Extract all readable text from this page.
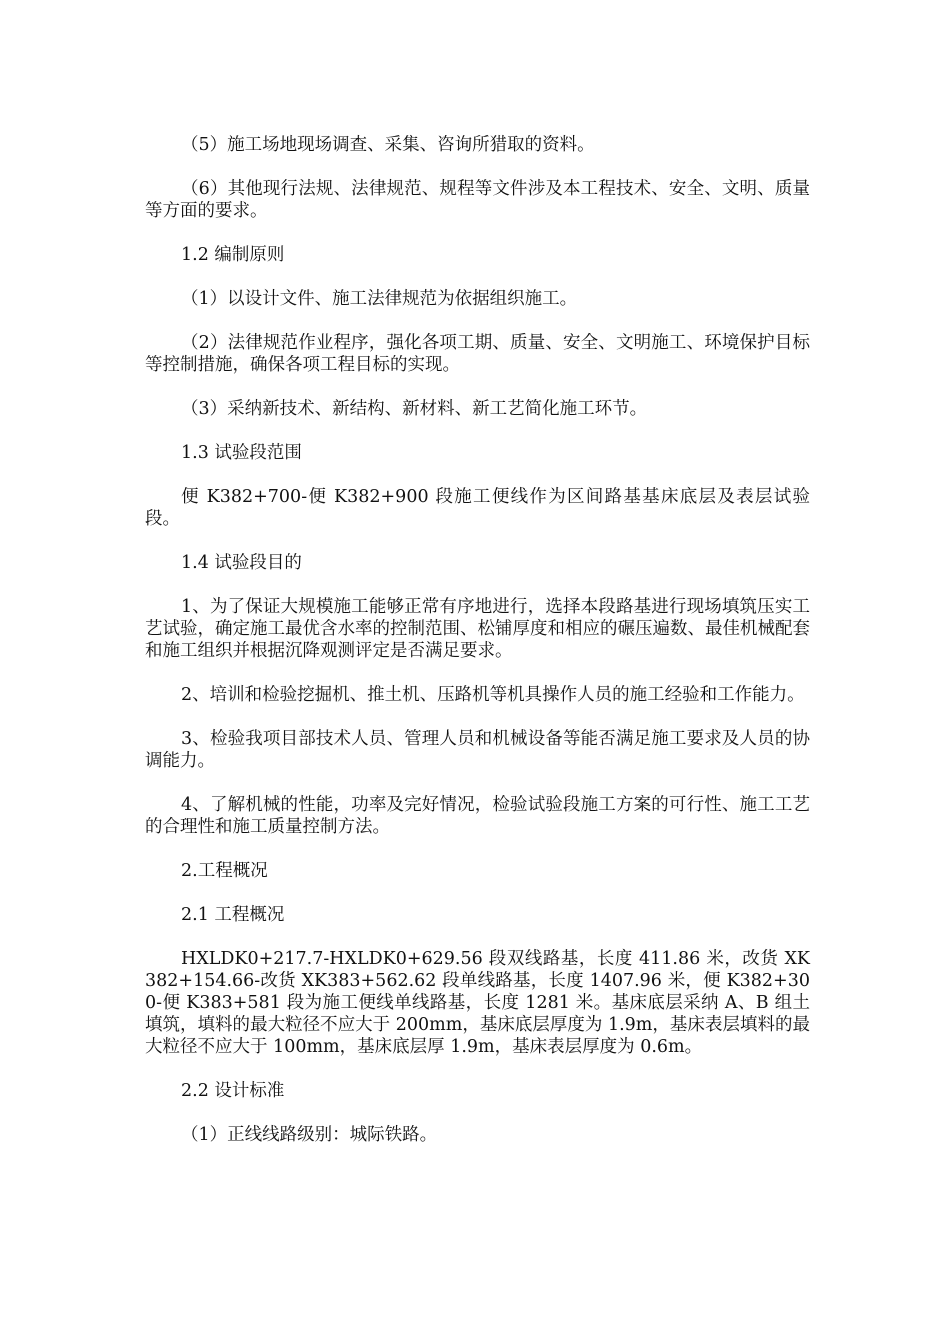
（5）施工场地现场调查、采集、咨询所猎取的资料。

（6）其他现行法规、法律规范、规程等文件涉及本工程技术、安全、文明、质量等方面的要求。

1.2 编制原则

（1）以设计文件、施工法律规范为依据组织施工。

（2）法律规范作业程序，强化各项工期、质量、安全、文明施工、环境保护目标等控制措施，确保各项工程目标的实现。

（3）采纳新技术、新结构、新材料、新工艺简化施工环节。

1.3 试验段范围

便 K382+700-便 K382+900 段施工便线作为区间路基基床底层及表层试验段。

1.4 试验段目的

1、为了保证大规模施工能够正常有序地进行，选择本段路基进行现场填筑压实工艺试验，确定施工最优含水率的控制范围、松铺厚度和相应的碾压遍数、最佳机械配套和施工组织并根据沉降观测评定是否满足要求。

2、培训和检验挖掘机、推土机、压路机等机具操作人员的施工经验和工作能力。

3、检验我项目部技术人员、管理人员和机械设备等能否满足施工要求及人员的协调能力。

4、了解机械的性能，功率及完好情况，检验试验段施工方案的可行性、施工工艺的合理性和施工质量控制方法。

2.工程概况

2.1 工程概况

HXLDK0+217.7-HXLDK0+629.56 段双线路基，长度 411.86 米，改货 XK382+154.66-改货 XK383+562.62 段单线路基，长度 1407.96 米，便 K382+300-便 K383+581 段为施工便线单线路基，长度 1281 米。基床底层采纳 A、B 组土填筑，填料的最大粒径不应大于 200mm，基床底层厚度为 1.9m，基床表层填料的最大粒径不应大于 100mm，基床底层厚 1.9m，基床表层厚度为 0.6m。

2.2 设计标准

（1）正线线路级别：城际铁路。
